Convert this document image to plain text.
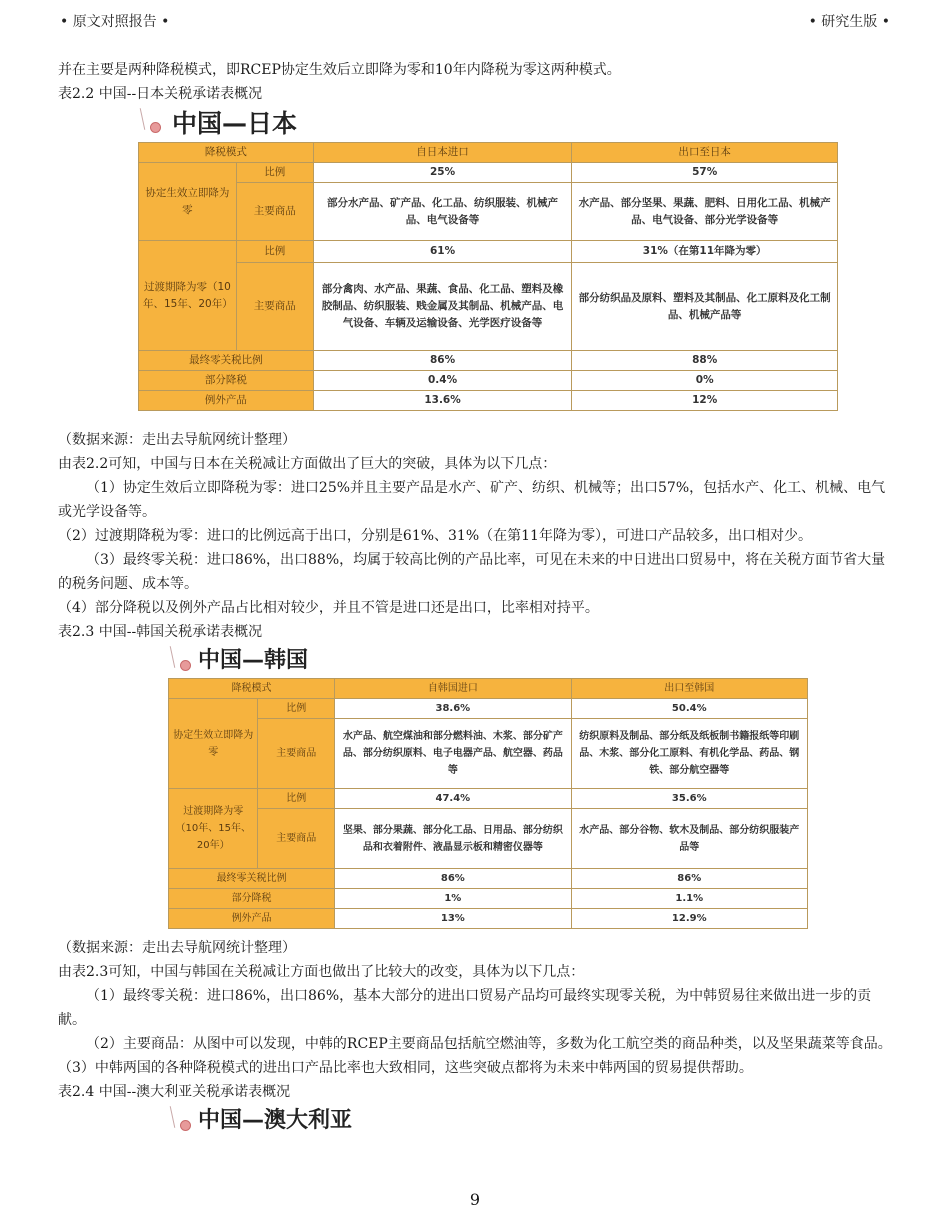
• 原文对照报告 •	• 研究生版 •

并在主要是两种降税模式，即RCEP协定生效后立即降为零和10年内降税为零这两种模式。

表2.2 中国--日本关税承诺表概况

中国—日本
降税模式		自日本进口	出口至日本
协定生效立即降为零	比例	25%	57%
	主要商品	部分水产品、矿产品、化工品、纺织服装、机械产品、电气设备等	水产品、部分坚果、果蔬、肥料、日用化工品、机械产品、电气设备、部分光学设备等
过渡期降为零（10年、15年、20年）	比例	61%	31%（在第11年降为零）
	主要商品	部分禽肉、水产品、果蔬、食品、化工品、塑料及橡胶制品、纺织服装、贱金属及其制品、机械产品、电气设备、车辆及运输设备、光学医疗设备等	部分纺织品及原料、塑料及其制品、化工原料及化工制品、机械产品等
最终零关税比例		86%	88%
部分降税		0.4%	0%
例外产品		13.6%	12%

（数据来源：走出去导航网统计整理）

由表2.2可知，中国与日本在关税减让方面做出了巨大的突破，具体为以下几点：

（1）协定生效后立即降税为零：进口25%并且主要产品是水产、矿产、纺织、机械等；出口57%，包括水产、化工、机械、电气或光学设备等。

（2）过渡期降税为零：进口的比例远高于出口，分别是61%、31%（在第11年降为零），可进口产品较多，出口相对少。

（3）最终零关税：进口86%，出口88%，均属于较高比例的产品比率，可见在未来的中日进出口贸易中，将在关税方面节省大量的税务问题、成本等。

（4）部分降税以及例外产品占比相对较少，并且不管是进口还是出口，比率相对持平。

表2.3 中国--韩国关税承诺表概况

中国—韩国
降税模式		自韩国进口	出口至韩国
协定生效立即降为零	比例	38.6%	50.4%
	主要商品	水产品、航空煤油和部分燃料油、木浆、部分矿产品、部分纺织原料、电子电器产品、航空器、药品等	纺织原料及制品、部分纸及纸板制书籍报纸等印刷品、木浆、部分化工原料、有机化学品、药品、钢铁、部分航空器等
过渡期降为零（10年、15年、20年）	比例	47.4%	35.6%
	主要商品	坚果、部分果蔬、部分化工品、日用品、部分纺织品和衣着附件、液晶显示板和精密仪器等	水产品、部分谷物、软木及制品、部分纺织服装产品等
最终零关税比例		86%	86%
部分降税		1%	1.1%
例外产品		13%	12.9%

（数据来源：走出去导航网统计整理）

由表2.3可知，中国与韩国在关税减让方面也做出了比较大的改变，具体为以下几点：

（1）最终零关税：进口86%，出口86%，基本大部分的进出口贸易产品均可最终实现零关税，为中韩贸易往来做出进一步的贡献。

（2）主要商品：从图中可以发现，中韩的RCEP主要商品包括航空燃油等，多数为化工航空类的商品种类，以及坚果蔬菜等食品。

（3）中韩两国的各种降税模式的进出口产品比率也大致相同，这些突破点都将为未来中韩两国的贸易提供帮助。

表2.4 中国--澳大利亚关税承诺表概况

中国—澳大利亚
9
